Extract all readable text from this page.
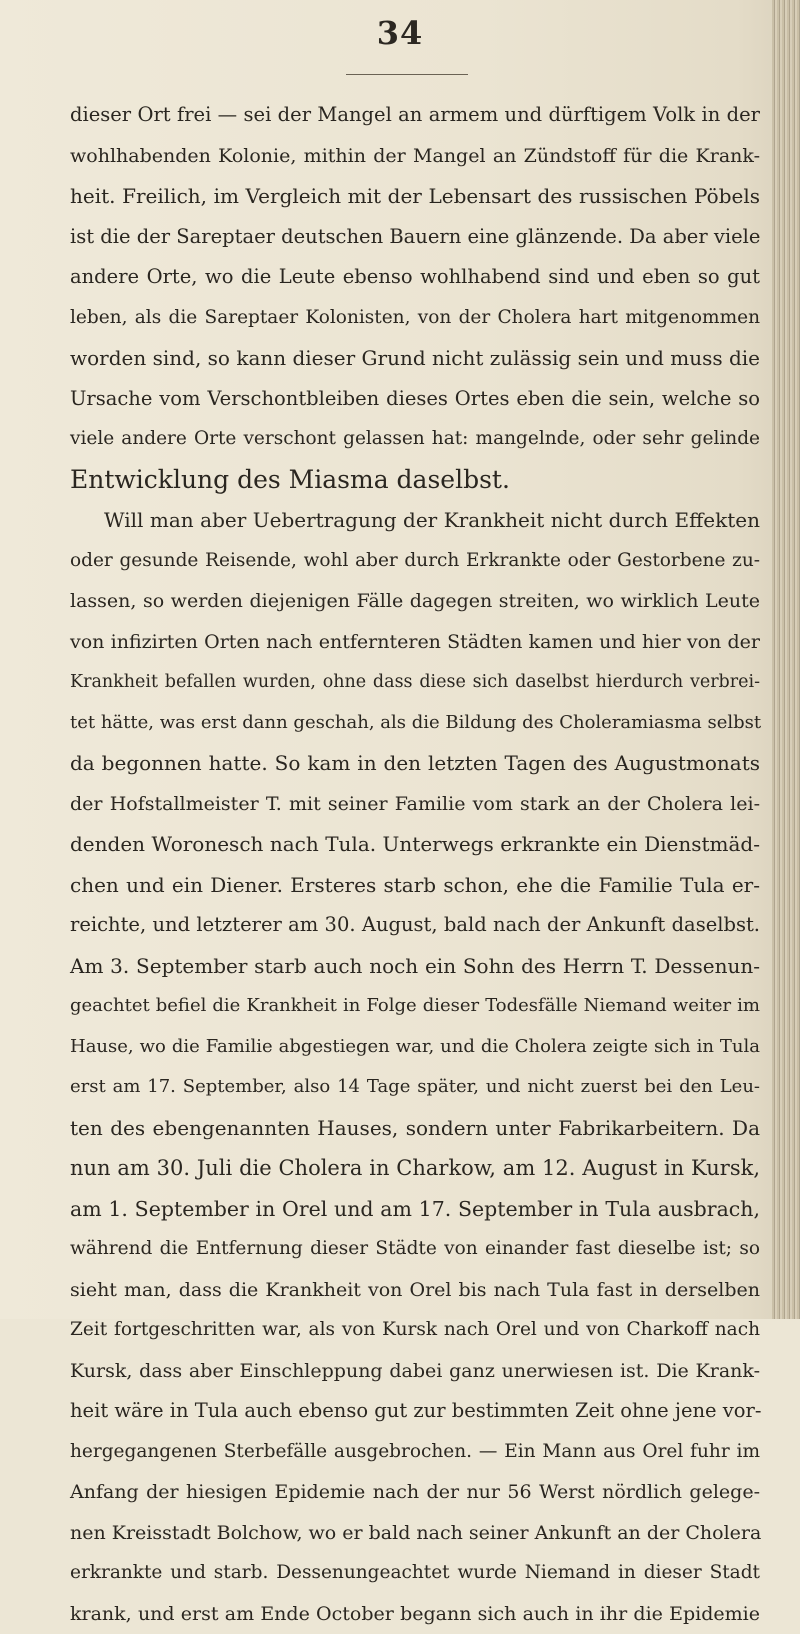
34
dieser Ort frei — sei der Mangel an armem und dürftigem Volk in der
wohlhabenden Kolonie, mithin der Mangel an Zündstoff für die Krank-
heit. Freilich, im Vergleich mit der Lebensart des russischen Pöbels
ist die der Sareptaer deutschen Bauern eine glänzende. Da aber viele
andere Orte, wo die Leute ebenso wohlhabend sind und eben so gut
leben, als die Sareptaer Kolonisten, von der Cholera hart mitgenommen
worden sind, so kann dieser Grund nicht zulässig sein und muss die
Ursache vom Verschontbleiben dieses Ortes eben die sein, welche so
viele andere Orte verschont gelassen hat: mangelnde, oder sehr gelinde
Entwicklung des Miasma daselbst.
Will man aber Uebertragung der Krankheit nicht durch Effekten
oder gesunde Reisende, wohl aber durch Erkrankte oder Gestorbene zu-
lassen, so werden diejenigen Fälle dagegen streiten, wo wirklich Leute
von infizirten Orten nach entfernteren Städten kamen und hier von der
Krankheit befallen wurden, ohne dass diese sich daselbst hierdurch verbrei-
tet hätte, was erst dann geschah, als die Bildung des Choleramiasma selbst
da begonnen hatte. So kam in den letzten Tagen des Augustmonats
der Hofstallmeister T. mit seiner Familie vom stark an der Cholera lei-
denden Woronesch nach Tula. Unterwegs erkrankte ein Dienstmäd-
chen und ein Diener. Ersteres starb schon, ehe die Familie Tula er-
reichte, und letzterer am 30. August, bald nach der Ankunft daselbst.
Am 3. September starb auch noch ein Sohn des Herrn T. Dessenun-
geachtet befiel die Krankheit in Folge dieser Todesfälle Niemand weiter im
Hause, wo die Familie abgestiegen war, und die Cholera zeigte sich in Tula
erst am 17. September, also 14 Tage später, und nicht zuerst bei den Leu-
ten des ebengenannten Hauses, sondern unter Fabrikarbeitern. Da
nun am 30. Juli die Cholera in Charkow, am 12. August in Kursk,
am 1. September in Orel und am 17. September in Tula ausbrach,
während die Entfernung dieser Städte von einander fast dieselbe ist; so
sieht man, dass die Krankheit von Orel bis nach Tula fast in derselben
Zeit fortgeschritten war, als von Kursk nach Orel und von Charkoff nach
Kursk, dass aber Einschleppung dabei ganz unerwiesen ist. Die Krank-
heit wäre in Tula auch ebenso gut zur bestimmten Zeit ohne jene vor-
hergegangenen Sterbefälle ausgebrochen. — Ein Mann aus Orel fuhr im
Anfang der hiesigen Epidemie nach der nur 56 Werst nördlich gelege-
nen Kreisstadt Bolchow, wo er bald nach seiner Ankunft an der Cholera
erkrankte und starb. Dessenungeachtet wurde Niemand in dieser Stadt
krank, und erst am Ende October begann sich auch in ihr die Epidemie
